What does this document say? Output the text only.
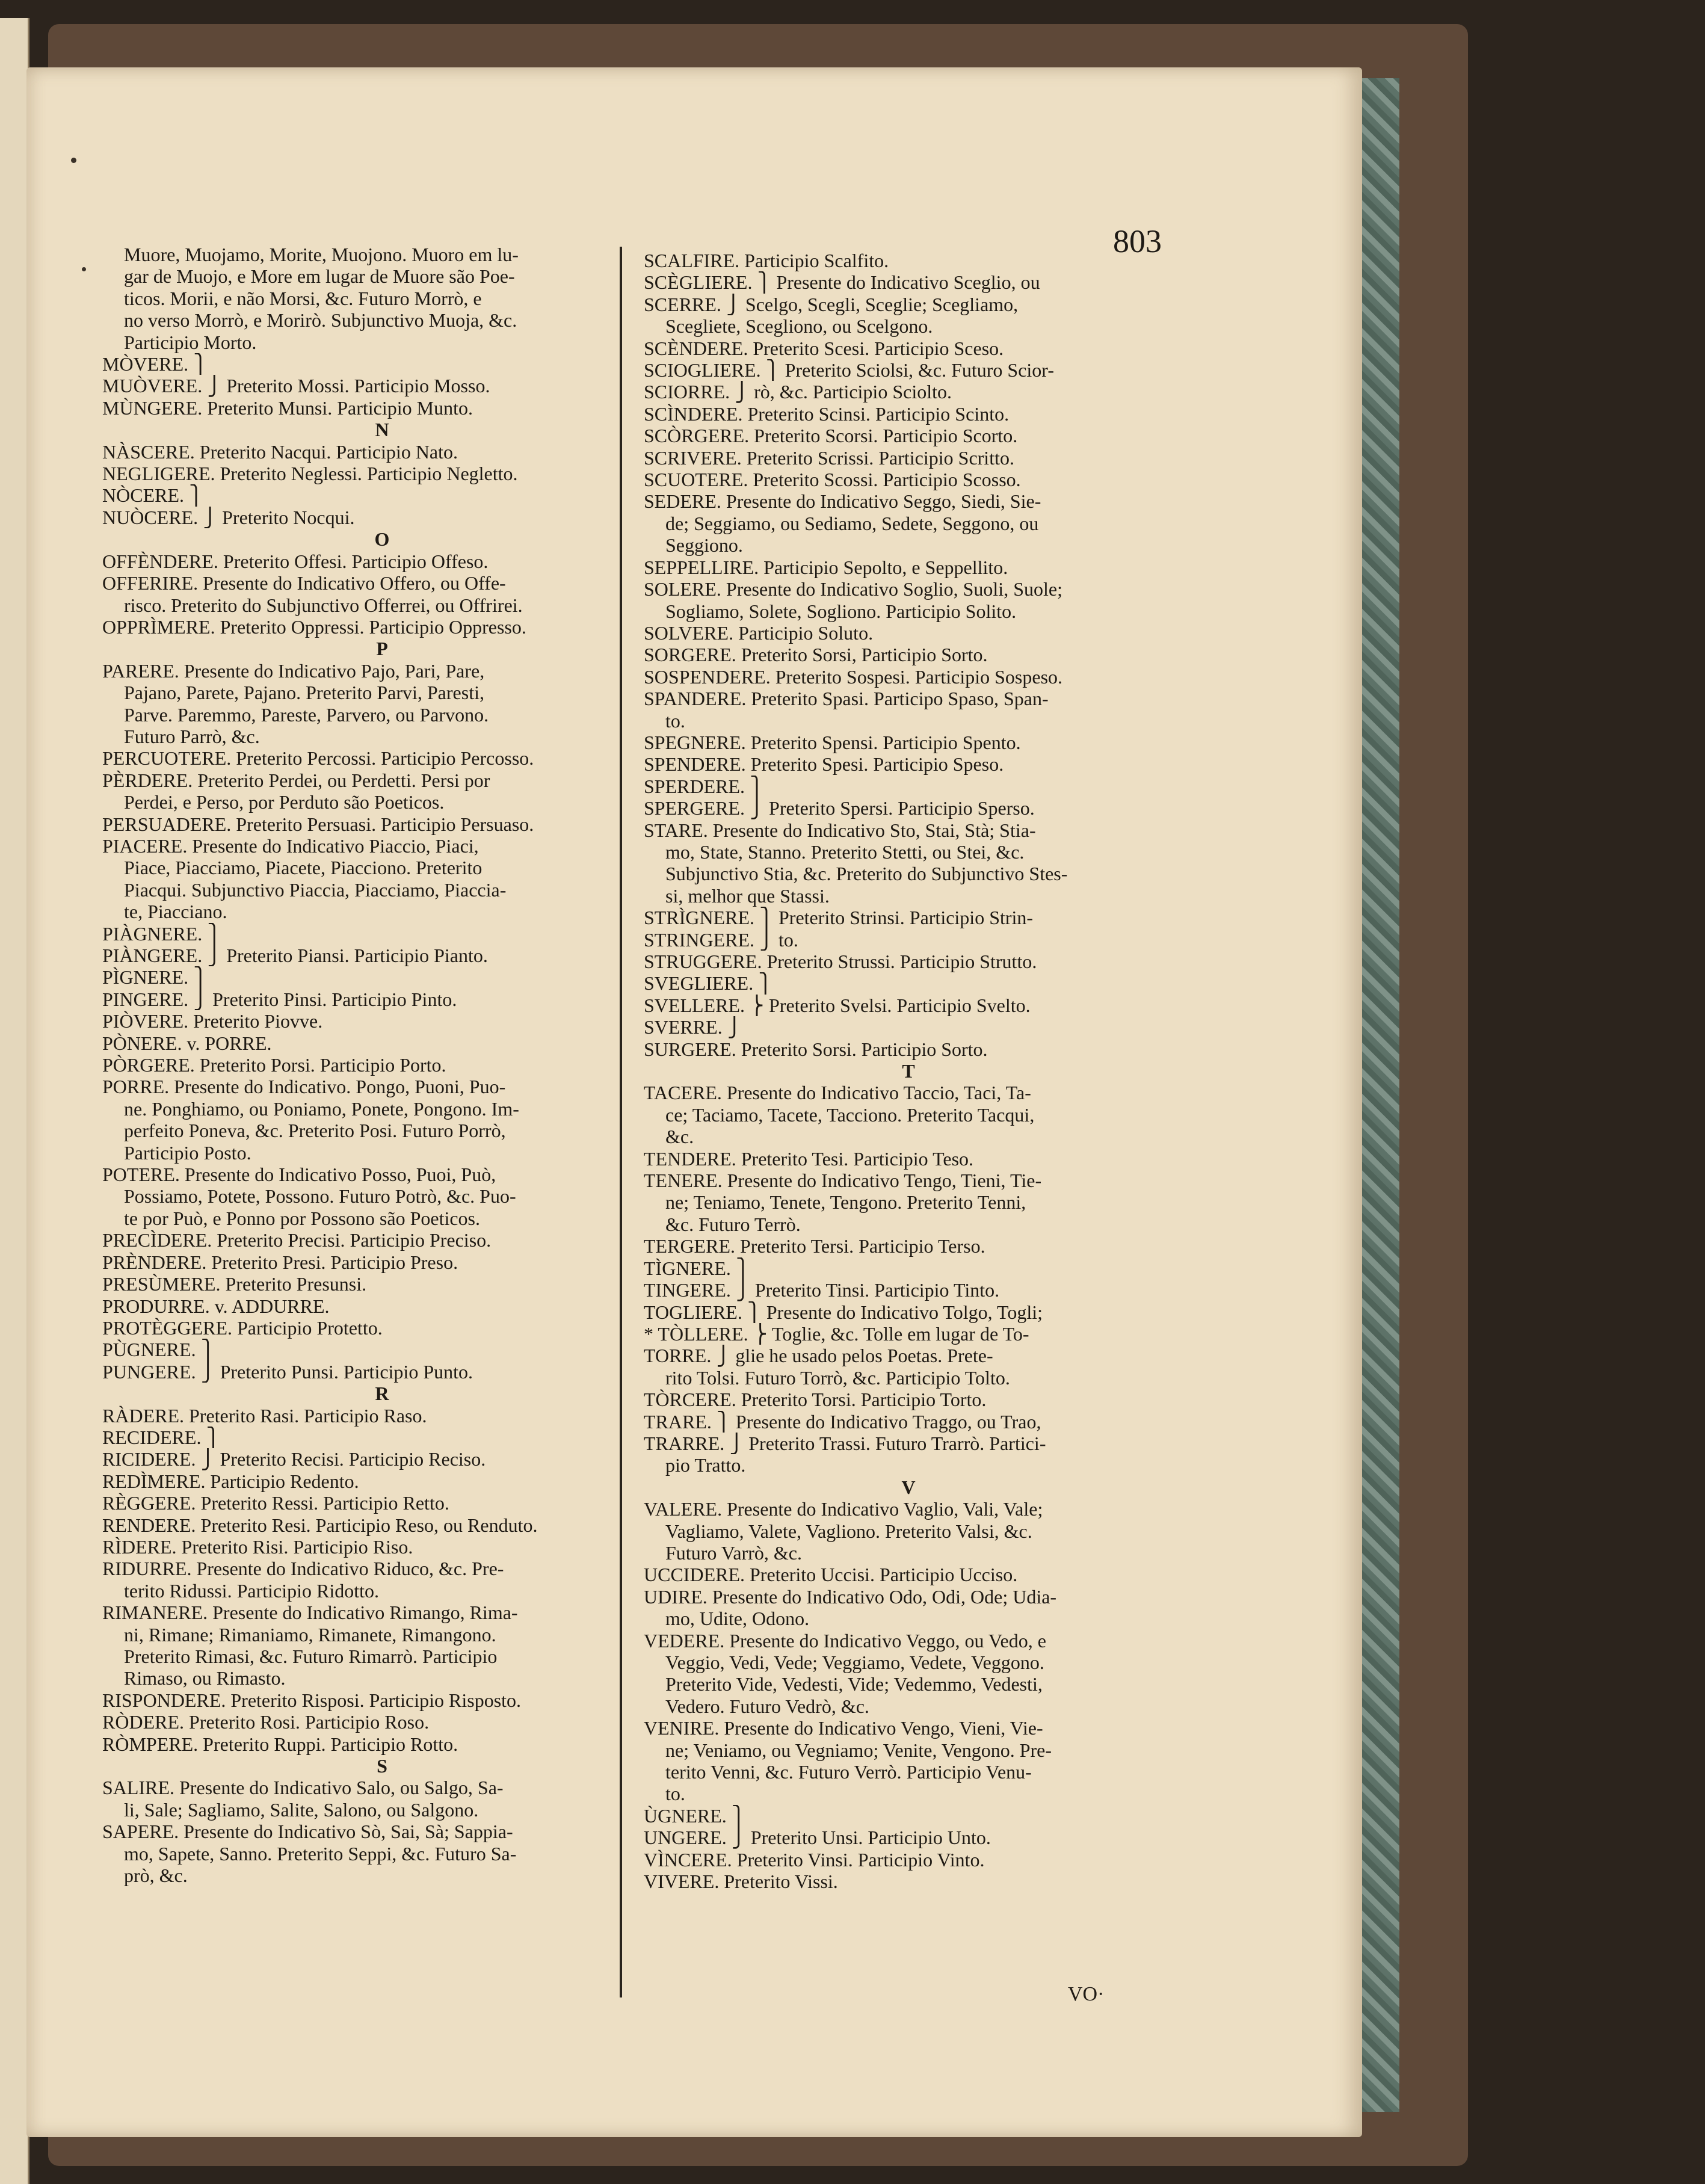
803
Muore, Muojamo, Morite, Muojono. Muoro em lu-
gar de Muojo, e More em lugar de Muore são Poe-
ticos. Morii, e não Morsi, &c. Futuro Morrò, e
no verso Morrò, e Morirò. Subjunctivo Muoja, &c.
Participio Morto.
MÒVERE. ⎫
MUÒVERE. ⎭ Preterito Mossi. Participio Mosso.
MÙNGERE. Preterito Munsi. Participio Munto.
N
NÀSCERE. Preterito Nacqui. Participio Nato.
NEGLIGERE. Preterito Neglessi. Participio Negletto.
NÒCERE. ⎫
NUÒCERE. ⎭ Preterito Nocqui.
O
OFFÈNDERE. Preterito Offesi. Participio Offeso.
OFFERIRE. Presente do Indicativo Offero, ou Offe-
risco. Preterito do Subjunctivo Offerrei, ou Offrirei.
OPPRÌMERE. Preterito Oppressi. Participio Oppresso.
P
PARERE. Presente do Indicativo Pajo, Pari, Pare,
Pajano, Parete, Pajano. Preterito Parvi, Paresti,
Parve. Paremmo, Pareste, Parvero, ou Parvono.
Futuro Parrò, &c.
PERCUOTERE. Preterito Percossi. Participio Percosso.
PÈRDERE. Preterito Perdei, ou Perdetti. Persi por
Perdei, e Perso, por Perduto são Poeticos.
PERSUADERE. Preterito Persuasi. Participio Persuaso.
PIACERE. Presente do Indicativo Piaccio, Piaci,
Piace, Piacciamo, Piacete, Piacciono. Preterito
Piacqui. Subjunctivo Piaccia, Piacciamo, Piaccia-
te, Piacciano.
PIÀGNERE. ⎫
PIÀNGERE. ⎭ Preterito Piansi. Participio Pianto.
PÌGNERE. ⎫
PINGERE. ⎭ Preterito Pinsi. Participio Pinto.
PIÒVERE. Preterito Piovve.
PÒNERE. v. PORRE.
PÒRGERE. Preterito Porsi. Participio Porto.
PORRE. Presente do Indicativo. Pongo, Puoni, Puo-
ne. Ponghiamo, ou Poniamo, Ponete, Pongono. Im-
perfeito Poneva, &c. Preterito Posi. Futuro Porrò,
Participio Posto.
POTERE. Presente do Indicativo Posso, Puoi, Può,
Possiamo, Potete, Possono. Futuro Potrò, &c. Puo-
te por Può, e Ponno por Possono são Poeticos.
PRECÌDERE. Preterito Precisi. Participio Preciso.
PRÈNDERE. Preterito Presi. Participio Preso.
PRESÙMERE. Preterito Presunsi.
PRODURRE. v. ADDURRE.
PROTÈGGERE. Participio Protetto.
PÙGNERE. ⎫
PUNGERE. ⎭ Preterito Punsi. Participio Punto.
R
RÀDERE. Preterito Rasi. Participio Raso.
RECIDERE. ⎫
RICIDERE. ⎭ Preterito Recisi. Participio Reciso.
REDÌMERE. Participio Redento.
RÈGGERE. Preterito Ressi. Participio Retto.
RENDERE. Preterito Resi. Participio Reso, ou Renduto.
RÌDERE. Preterito Risi. Participio Riso.
RIDURRE. Presente do Indicativo Riduco, &c. Pre-
terito Ridussi. Participio Ridotto.
RIMANERE. Presente do Indicativo Rimango, Rima-
ni, Rimane; Rimaniamo, Rimanete, Rimangono.
Preterito Rimasi, &c. Futuro Rimarrò. Participio
Rimaso, ou Rimasto.
RISPONDERE. Preterito Risposi. Participio Risposto.
RÒDERE. Preterito Rosi. Participio Roso.
RÒMPERE. Preterito Ruppi. Participio Rotto.
S
SALIRE. Presente do Indicativo Salo, ou Salgo, Sa-
li, Sale; Sagliamo, Salite, Salono, ou Salgono.
SAPERE. Presente do Indicativo Sò, Sai, Sà; Sappia-
mo, Sapete, Sanno. Preterito Seppi, &c. Futuro Sa-
prò, &c.
SCALFIRE. Participio Scalfito.
SCÈGLIERE. ⎫ Presente do Indicativo Sceglio, ou
SCERRE. ⎭ Scelgo, Scegli, Sceglie; Scegliamo,
Scegliete, Scegliono, ou Scelgono.
SCÈNDERE. Preterito Scesi. Participio Sceso.
SCIOGLIERE. ⎫ Preterito Sciolsi, &c. Futuro Scior-
SCIORRE. ⎭ rò, &c. Participio Sciolto.
SCÌNDERE. Preterito Scinsi. Participio Scinto.
SCÒRGERE. Preterito Scorsi. Participio Scorto.
SCRIVERE. Preterito Scrissi. Participio Scritto.
SCUOTERE. Preterito Scossi. Participio Scosso.
SEDERE. Presente do Indicativo Seggo, Siedi, Sie-
de; Seggiamo, ou Sediamo, Sedete, Seggono, ou
Seggiono.
SEPPELLIRE. Participio Sepolto, e Seppellito.
SOLERE. Presente do Indicativo Soglio, Suoli, Suole;
Sogliamo, Solete, Sogliono. Participio Solito.
SOLVERE. Participio Soluto.
SORGERE. Preterito Sorsi, Participio Sorto.
SOSPENDERE. Preterito Sospesi. Participio Sospeso.
SPANDERE. Preterito Spasi. Participo Spaso, Span-
to.
SPEGNERE. Preterito Spensi. Participio Spento.
SPENDERE. Preterito Spesi. Participio Speso.
SPERDERE. ⎫
SPERGERE. ⎭ Preterito Spersi. Participio Sperso.
STARE. Presente do Indicativo Sto, Stai, Stà; Stia-
mo, State, Stanno. Preterito Stetti, ou Stei, &c.
Subjunctivo Stia, &c. Preterito do Subjunctivo Stes-
si, melhor que Stassi.
STRÌGNERE. ⎫ Preterito Strinsi. Participio Strin-
STRINGERE. ⎭ to.
STRUGGERE. Preterito Strussi. Participio Strutto.
SVEGLIERE. ⎫
SVELLERE. ⎬ Preterito Svelsi. Participio Svelto.
SVERRE. ⎭
SURGERE. Preterito Sorsi. Participio Sorto.
T
TACERE. Presente do Indicativo Taccio, Taci, Ta-
ce; Taciamo, Tacete, Tacciono. Preterito Tacqui,
&c.
TENDERE. Preterito Tesi. Participio Teso.
TENERE. Presente do Indicativo Tengo, Tieni, Tie-
ne; Teniamo, Tenete, Tengono. Preterito Tenni,
&c. Futuro Terrò.
TERGERE. Preterito Tersi. Participio Terso.
TÌGNERE. ⎫
TINGERE. ⎭ Preterito Tinsi. Participio Tinto.
TOGLIERE. ⎫ Presente do Indicativo Tolgo, Togli;
* TÒLLERE. ⎬ Toglie, &c. Tolle em lugar de To-
TORRE. ⎭ glie he usado pelos Poetas. Prete-
rito Tolsi. Futuro Torrò, &c. Participio Tolto.
TÒRCERE. Preterito Torsi. Participio Torto.
TRARE. ⎫ Presente do Indicativo Traggo, ou Trao,
TRARRE. ⎭ Preterito Trassi. Futuro Trarrò. Partici-
pio Tratto.
V
VALERE. Presente do Indicativo Vaglio, Vali, Vale;
Vagliamo, Valete, Vagliono. Preterito Valsi, &c.
Futuro Varrò, &c.
UCCIDERE. Preterito Uccisi. Participio Ucciso.
UDIRE. Presente do Indicativo Odo, Odi, Ode; Udia-
mo, Udite, Odono.
VEDERE. Presente do Indicativo Veggo, ou Vedo, e
Veggio, Vedi, Vede; Veggiamo, Vedete, Veggono.
Preterito Vide, Vedesti, Vide; Vedemmo, Vedesti,
Vedero. Futuro Vedrò, &c.
VENIRE. Presente do Indicativo Vengo, Vieni, Vie-
ne; Veniamo, ou Vegniamo; Venite, Vengono. Pre-
terito Venni, &c. Futuro Verrò. Participio Venu-
to.
ÙGNERE. ⎫
UNGERE. ⎭ Preterito Unsi. Participio Unto.
VÌNCERE. Preterito Vinsi. Participio Vinto.
VIVERE. Preterito Vissi.
VO·
